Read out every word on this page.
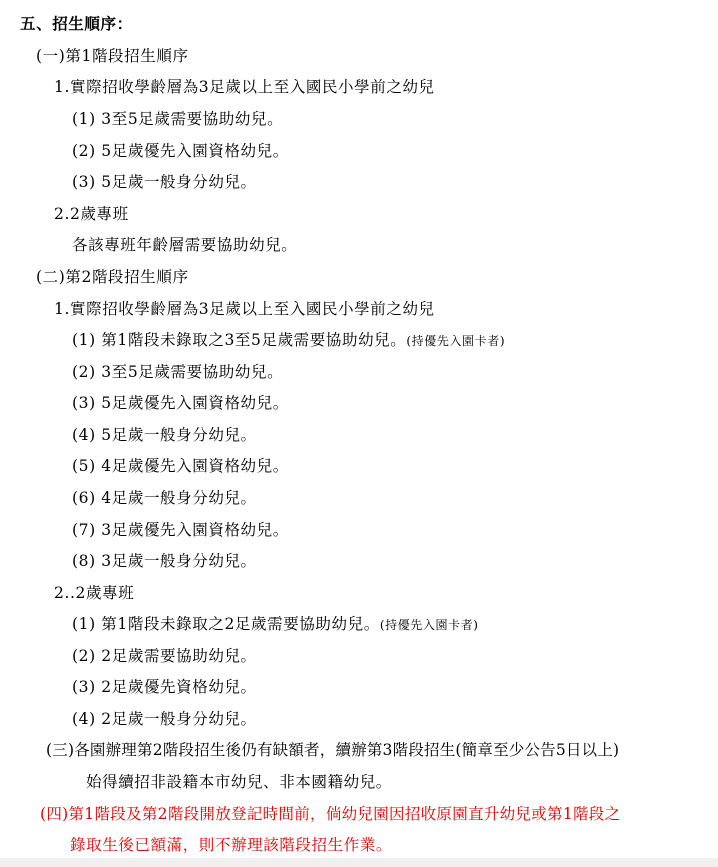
五、招生順序：
(一)第1階段招生順序
1.實際招收學齡層為3足歲以上至入國民小學前之幼兒
(1) 3至5足歲需要協助幼兒。
(2) 5足歲優先入園資格幼兒。
(3) 5足歲一般身分幼兒。
2.2歲專班
各該專班年齡層需要協助幼兒。
(二)第2階段招生順序
1.實際招收學齡層為3足歲以上至入國民小學前之幼兒
(1) 第1階段未錄取之3至5足歲需要協助幼兒。(持優先入園卡者)
(2) 3至5足歲需要協助幼兒。
(3) 5足歲優先入園資格幼兒。
(4) 5足歲一般身分幼兒。
(5) 4足歲優先入園資格幼兒。
(6) 4足歲一般身分幼兒。
(7) 3足歲優先入園資格幼兒。
(8) 3足歲一般身分幼兒。
2..2歲專班
(1) 第1階段未錄取之2足歲需要協助幼兒。(持優先入園卡者)
(2) 2足歲需要協助幼兒。
(3) 2足歲優先資格幼兒。
(4) 2足歲一般身分幼兒。
(三)各園辦理第2階段招生後仍有缺額者，續辦第3階段招生(簡章至少公告5日以上)
始得續招非設籍本市幼兒、非本國籍幼兒。
(四)第1階段及第2階段開放登記時間前，倘幼兒園因招收原園直升幼兒或第1階段之
錄取生後已額滿，則不辦理該階段招生作業。
